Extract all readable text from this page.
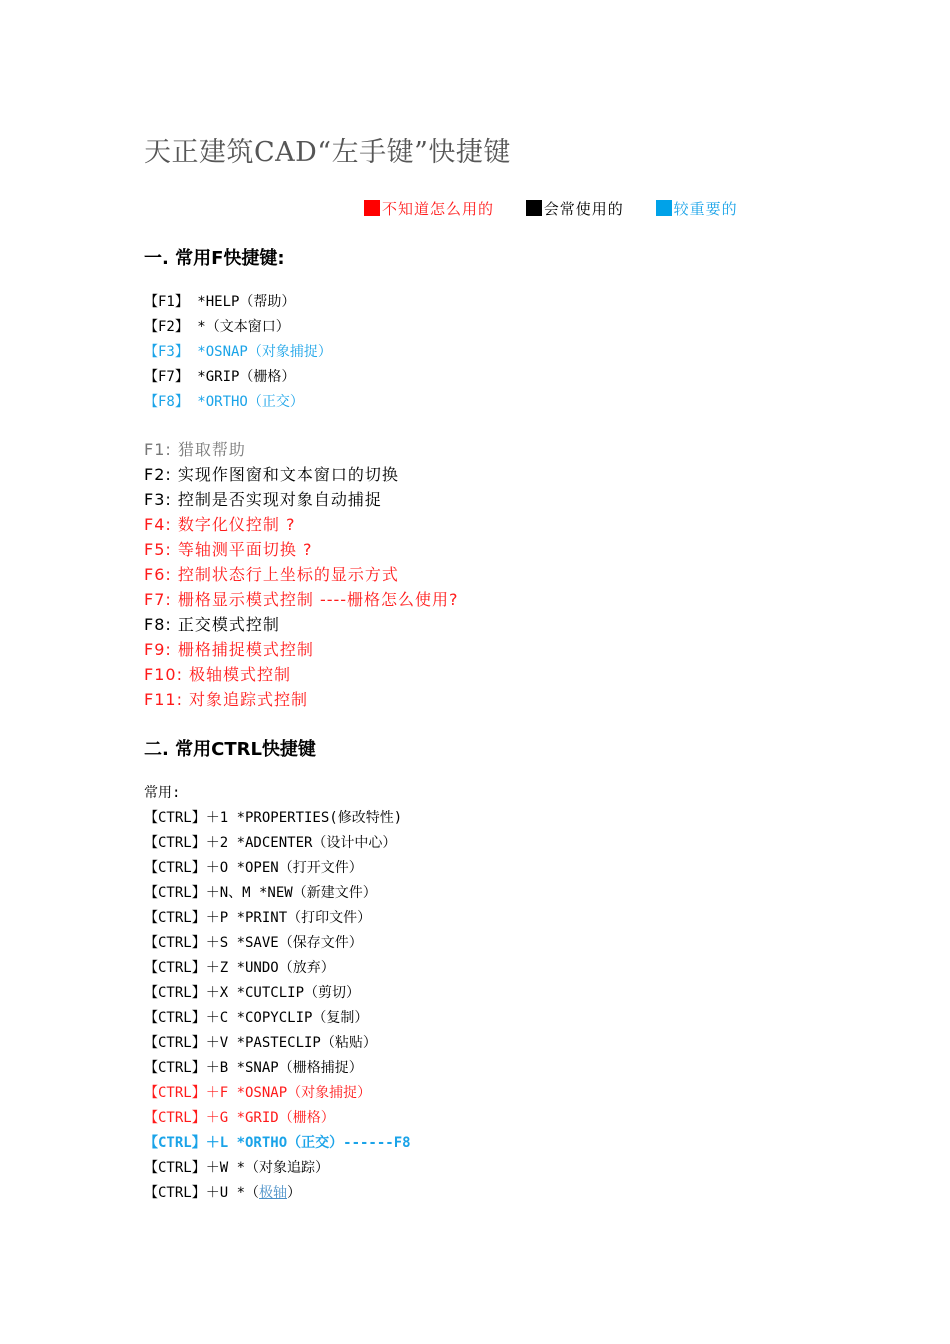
天正建筑CAD“左手键”快捷键
不知道怎么用的	会常使用的	较重要的
一. 常用F快捷键:
【F1】 *HELP（帮助）
【F2】 *（文本窗口）
【F3】 *OSNAP（对象捕捉）
【F7】 *GRIP（栅格）
【F8】 *ORTHO（正交）
F1: 猎取帮助
F2: 实现作图窗和文本窗口的切换
F3: 控制是否实现对象自动捕捉
F4: 数字化仪控制 ?
F5: 等轴测平面切换 ?
F6: 控制状态行上坐标的显示方式
F7: 栅格显示模式控制 ----栅格怎么使用?
F8: 正交模式控制
F9: 栅格捕捉模式控制
F10: 极轴模式控制
F11: 对象追踪式控制
二. 常用CTRL快捷键
常用:
【CTRL】＋1 *PROPERTIES(修改特性)
【CTRL】＋2 *ADCENTER（设计中心）
【CTRL】＋O *OPEN（打开文件）
【CTRL】＋N、M *NEW（新建文件）
【CTRL】＋P *PRINT（打印文件）
【CTRL】＋S *SAVE（保存文件）
【CTRL】＋Z *UNDO（放弃）
【CTRL】＋X *CUTCLIP（剪切）
【CTRL】＋C *COPYCLIP（复制）
【CTRL】＋V *PASTECLIP（粘贴）
【CTRL】＋B *SNAP（栅格捕捉）
【CTRL】＋F *OSNAP（对象捕捉）
【CTRL】＋G *GRID（栅格）
【CTRL】＋L *ORTHO（正交）------F8
【CTRL】＋W *（对象追踪）
【CTRL】＋U *（极轴）
